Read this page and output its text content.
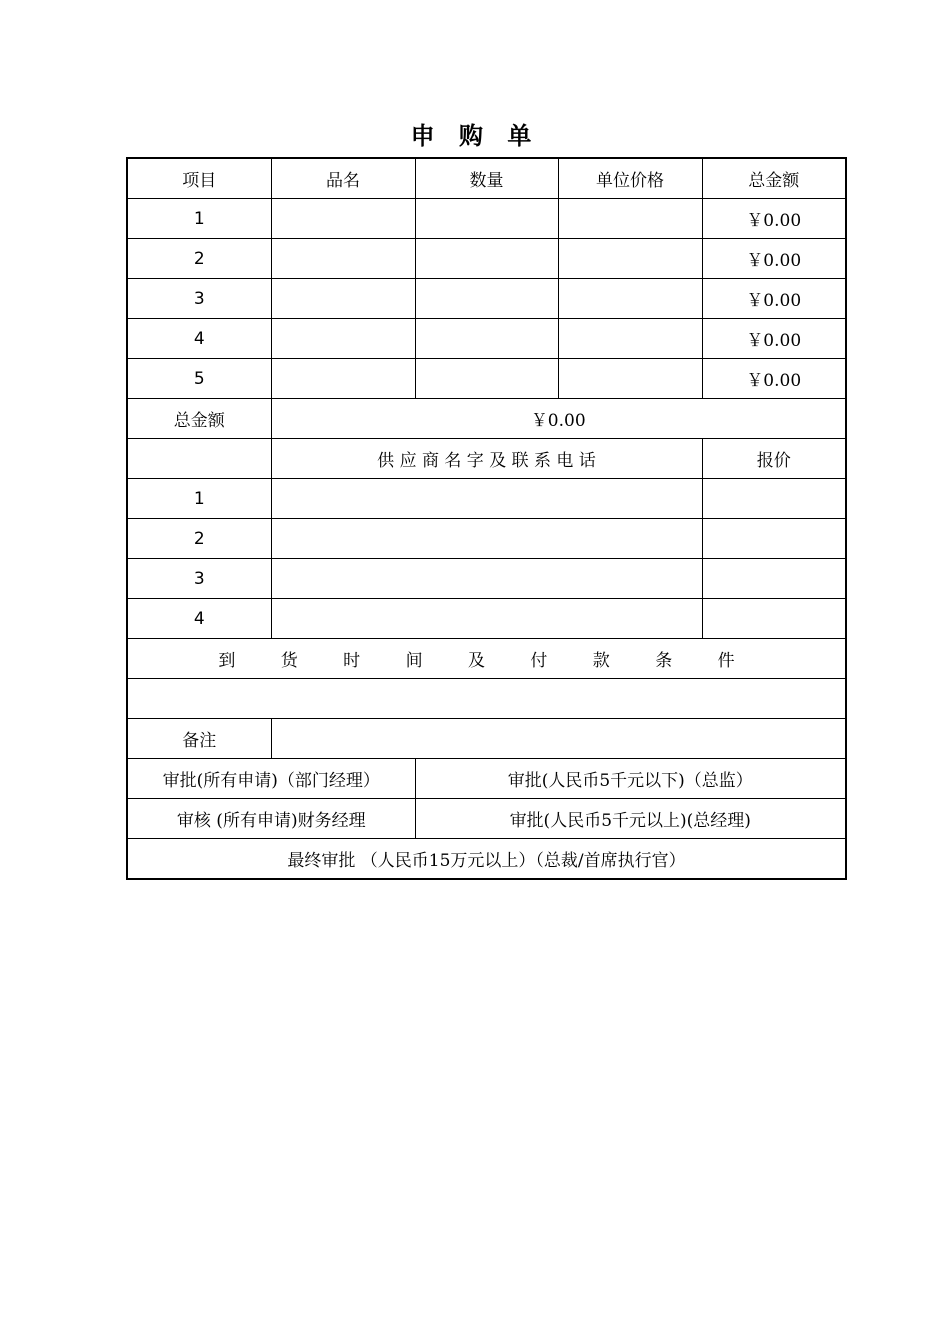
申 购 单
项目	品名	数量	单位价格	总金额
1				￥0.00
2				￥0.00
3				￥0.00
4				￥0.00
5				￥0.00
总金额	￥0.00			
	供 应 商 名 字 及 联 系 电 话			报价
1				
2				
3				
4				
到 货 时 间 及 付 款 条 件				

备注				
审批(所有申请)（部门经理）		审批(人民币5千元以下)（总监）		
审核 (所有申请)财务经理		审批(人民币5千元以上)(总经理)		
最终审批 （人民币15万元以上）（总裁/首席执行官）				
